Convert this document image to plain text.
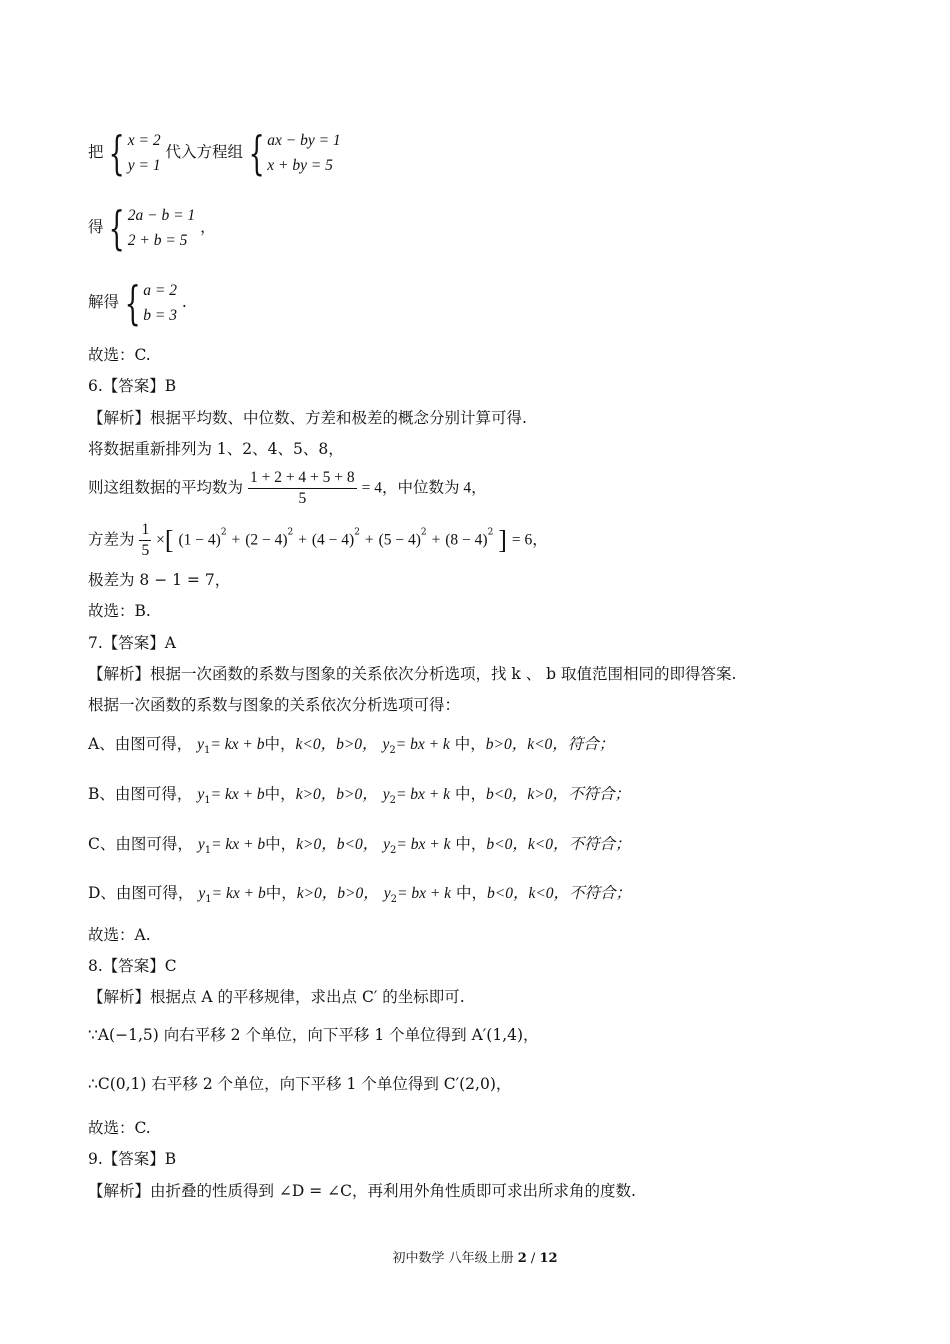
把 { x = 2
y = 1
代入方程组 { ax − by = 1
x + by = 5
得 { 2a − b = 1
2 + b = 5
，
解得 { a = 2
b = 3
.
故选：C.
6.【答案】B
【解析】根据平均数、中位数、方差和极差的概念分别计算可得.
将数据重新排列为 1、2、4、5、8，
则这组数据的平均数为 $\frac{1 + 2 + 4 + 5 + 8}{5} = 4$，中位数为 4，
方差为 $\frac{1}{5}$ ×[ $(1 - 4)^2 + (2 - 4)^2 + (4 - 4)^2 + (5 - 4)^2 + (8 - 4)^2$ ] = 6，
极差为 8 − 1 = 7，
故选：B.
7.【答案】A
【解析】根据一次函数的系数与图象的关系依次分析选项，找 k 、 b 取值范围相同的即得答案.
根据一次函数的系数与图象的关系依次分析选项可得：
A、由图可得， $y_1=$ kx + b中，k<0，b>0， $y_2=$ bx + k 中，b>0，k<0，符合；
B、由图可得， $y_1=$ kx + b中，k>0，b>0， $y_2=$ bx + k 中，b<0，k>0，不符合；
C、由图可得， $y_1=$ kx + b中，k>0，b<0， $y_2=$ bx + k 中，b<0，k<0，不符合；
D、由图可得， $y_1=$ kx + b中，k>0，b>0， $y_2=$ bx + k 中，b<0，k<0，不符合；
故选：A.
8.【答案】C
【解析】根据点 A 的平移规律，求出点 C′ 的坐标即可.
∵A(−1,5) 向右平移 2 个单位，向下平移 1 个单位得到 A′(1,4)，
∴C(0,1) 右平移 2 个单位，向下平移 1 个单位得到 C′(2,0)，
故选：C.
9.【答案】B
【解析】由折叠的性质得到 ∠D = ∠C，再利用外角性质即可求出所求角的度数.
初中数学 八年级上册 2 / 12
